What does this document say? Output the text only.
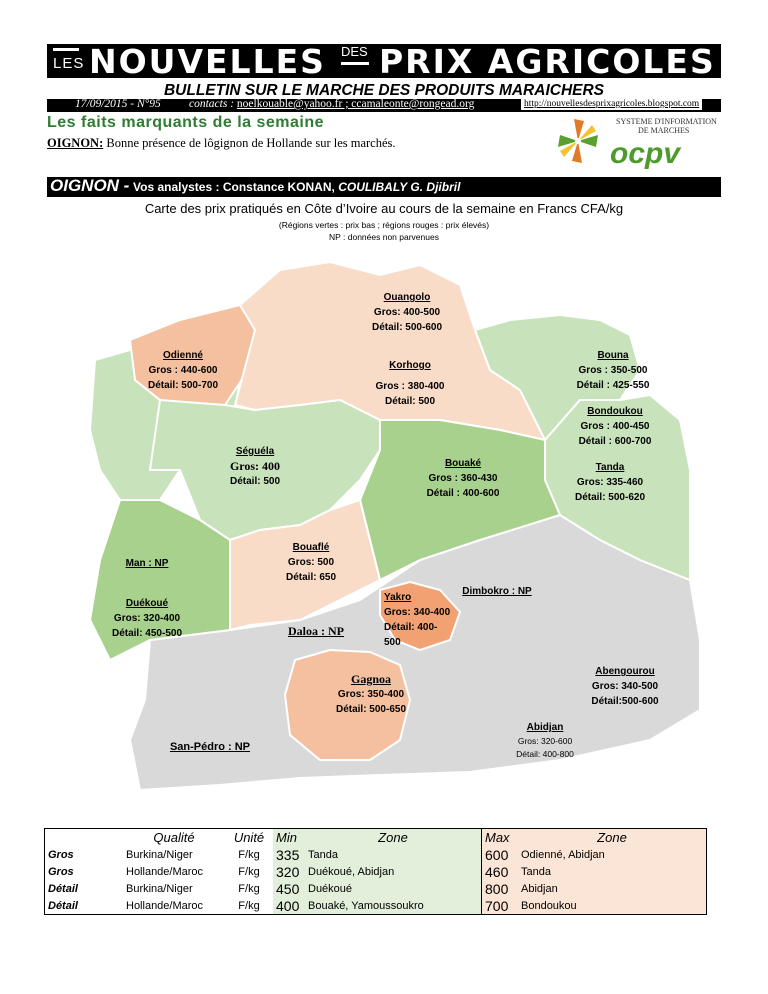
LES NOUVELLES DES PRIX AGRICOLES
BULLETIN SUR LE MARCHE DES PRODUITS MARAICHERS
17/09/2015 - N°95 contacts : noelkouable@yahoo.fr ; ccamaleonte@rongead.org	http://nouvellesdesprixagricoles.blogspot.com
Les faits marquants de la semaine
OIGNON: Bonne présence de lôgignon de Hollande sur les marchés.
SYSTEME D'INFORMATION
DE MARCHES
ocpv
OIGNON - Vos analystes : Constance KONAN, COULIBALY G. Djibril
Carte des prix pratiqués en Côte d’Ivoire au cours de la semaine en Francs CFA/kg
(Régions vertes : prix bas ; régions rouges : prix élevés)
NP : données non parvenues
Ouangolo
Gros: 400-500
Détail: 500-600
Odienné
Gros : 440-600
Détail: 500-700
Korhogo
Gros : 380-400
Détail: 500
Bouna
Gros : 350-500
Détail : 425-550
Bondoukou
Gros : 400-450
Détail : 600-700
Séguéla
Gros: 400
Détail: 500
Bouaké
Gros : 360-430
Détail : 400-600
Tanda
Gros: 335-460
Détail: 500-620
Man : NP
Bouaflé
Gros: 500
Détail: 650
Duékoué
Gros: 320-400
Détail: 450-500	Daloa : NP
Yakro
Gros: 340-400
Détail: 400-
500
Dimbokro : NP
Gagnoa
Gros: 350-400
Détail: 500-650
Abengourou
Gros: 340-500
Détail:500-600
Abidjan
Gros: 320-600
Détail: 400-800
San-Pédro : NP
	Qualité	Unité	Min	Zone	Max	Zone
Gros	Burkina/Niger	F/kg	335	Tanda	600	Odienné, Abidjan
Gros	Hollande/Maroc	F/kg	320	Duékoué, Abidjan	460	Tanda
Détail	Burkina/Niger	F/kg	450	Duékoué	800	Abidjan
Détail	Hollande/Maroc	F/kg	400	Bouaké, Yamoussoukro	700	Bondoukou
